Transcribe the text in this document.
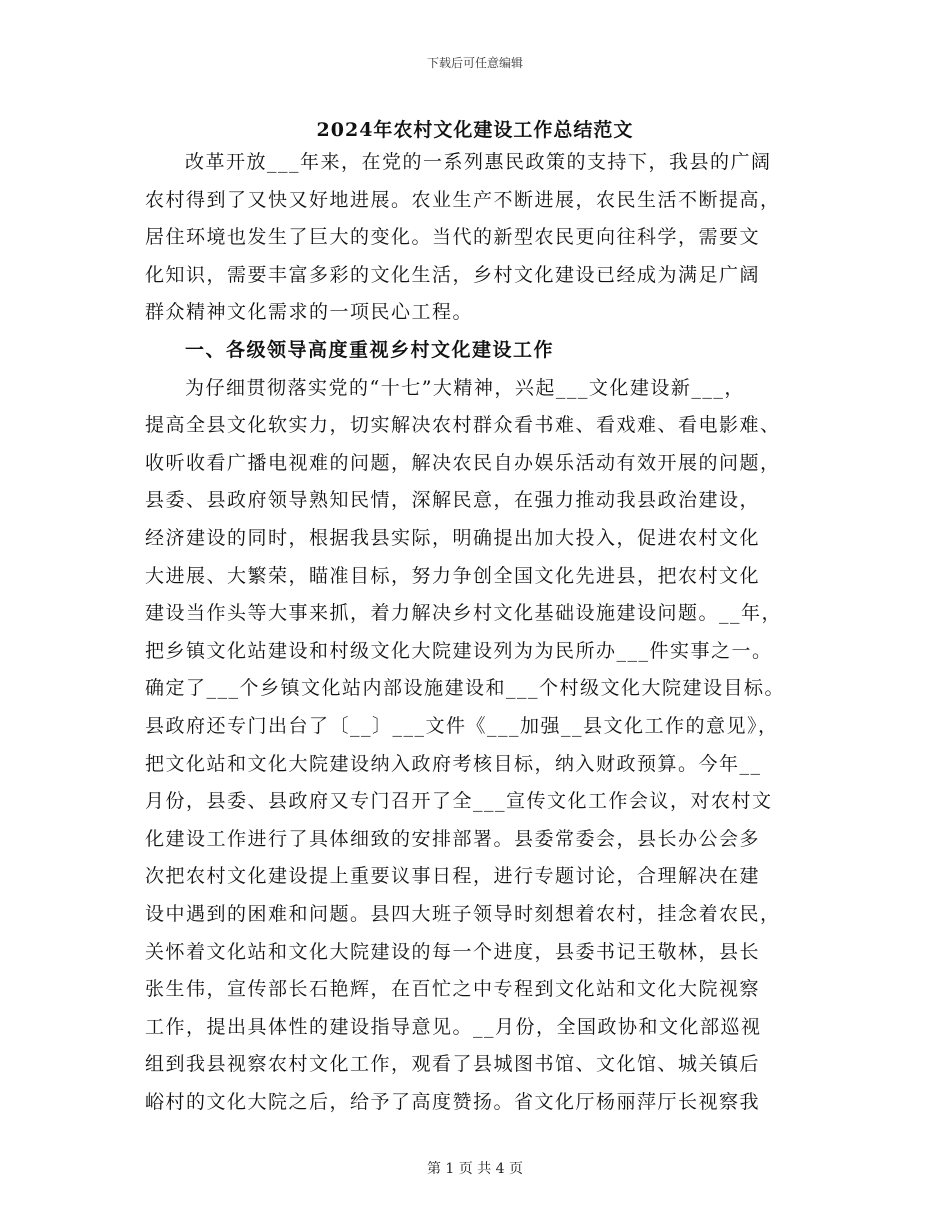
下载后可任意编辑
2024年农村文化建设工作总结范文
改革开放___年来，在党的一系列惠民政策的支持下，我县的广阔
农村得到了又快又好地进展。农业生产不断进展，农民生活不断提高，
居住环境也发生了巨大的变化。当代的新型农民更向往科学，需要文
化知识，需要丰富多彩的文化生活，乡村文化建设已经成为满足广阔
群众精神文化需求的一项民心工程。
一、各级领导高度重视乡村文化建设工作
为仔细贯彻落实党的“十七”大精神，兴起___文化建设新___，
提高全县文化软实力，切实解决农村群众看书难、看戏难、看电影难、
收听收看广播电视难的问题，解决农民自办娱乐活动有效开展的问题，
县委、县政府领导熟知民情，深解民意，在强力推动我县政治建设，
经济建设的同时，根据我县实际，明确提出加大投入，促进农村文化
大进展、大繁荣，瞄准目标，努力争创全国文化先进县，把农村文化
建设当作头等大事来抓，着力解决乡村文化基础设施建设问题。__年，
把乡镇文化站建设和村级文化大院建设列为为民所办___件实事之一。
确定了___个乡镇文化站内部设施建设和___个村级文化大院建设目标。
县政府还专门出台了〔__〕___文件《___加强__县文化工作的意见》，
把文化站和文化大院建设纳入政府考核目标，纳入财政预算。今年__
月份，县委、县政府又专门召开了全___宣传文化工作会议，对农村文
化建设工作进行了具体细致的安排部署。县委常委会，县长办公会多
次把农村文化建设提上重要议事日程，进行专题讨论，合理解决在建
设中遇到的困难和问题。县四大班子领导时刻想着农村，挂念着农民，
关怀着文化站和文化大院建设的每一个进度，县委书记王敬林，县长
张生伟，宣传部长石艳辉，在百忙之中专程到文化站和文化大院视察
工作，提出具体性的建设指导意见。__月份，全国政协和文化部巡视
组到我县视察农村文化工作，观看了县城图书馆、文化馆、城关镇后
峪村的文化大院之后，给予了高度赞扬。省文化厅杨丽萍厅长视察我
第 1 页 共 4 页
